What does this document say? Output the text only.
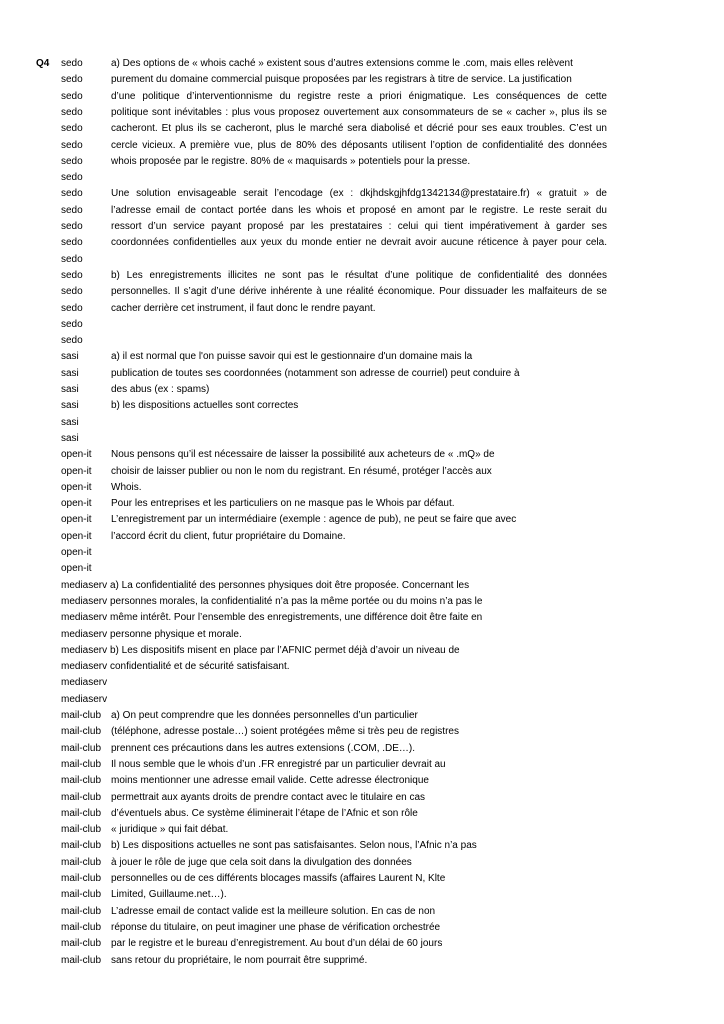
Q4 sedo	a) Des options de « whois caché » existent sous d’autres extensions comme le .com, mais elles relèvent
sedo	purement du domaine commercial puisque proposées par les registrars à titre de service. La justification
sedo	d’une politique d’interventionnisme du registre reste a priori énigmatique. Les conséquences de cette
sedo	politique sont inévitables : plus vous proposez ouvertement aux consommateurs de se « cacher », plus ils se
sedo	cacheront. Et plus ils se cacheront, plus le marché sera diabolisé et décrié pour ses eaux troubles. C’est un
sedo	cercle vicieux. A première vue, plus de 80% des déposants utilisent l’option de confidentialité des données
sedo	whois proposée par le registre. 80% de « maquisards » potentiels pour la presse.
sedo
sedo	Une solution envisageable serait l’encodage (ex : dkjhdskgjhfdg1342134@prestataire.fr) « gratuit » de
sedo	l’adresse email de contact portée dans les whois et proposé en amont par le registre. Le reste serait du
sedo	ressort d’un service payant proposé par les prestataires : celui qui tient impérativement à garder ses
sedo	coordonnées confidentielles aux yeux du monde entier ne devrait avoir aucune réticence à payer pour cela.
sedo
sedo	b) Les enregistrements illicites ne sont pas le résultat d’une politique de confidentialité des données
sedo	personnelles. Il s’agit d’une dérive inhérente à une réalité économique. Pour dissuader les malfaiteurs de se
sedo	cacher derrière cet instrument, il faut donc le rendre payant.
sedo
sedo
sasi	a) il est normal que l'on puisse savoir qui est le gestionnaire d'un domaine mais la
sasi	publication de toutes ses coordonnées (notamment son adresse de courriel) peut conduire à
sasi	des abus (ex : spams)
sasi	b) les dispositions actuelles sont correctes
sasi
sasi
open-it Nous pensons qu’il est nécessaire de laisser la possibilité aux acheteurs de « .mQ» de
open-it choisir de laisser publier ou non le nom du registrant. En résumé, protéger l’accès aux
open-it Whois.
open-it Pour les entreprises et les particuliers on ne masque pas le Whois par défaut.
open-it L’enregistrement par un intermédiaire (exemple : agence de pub), ne peut se faire que avec
open-it l’accord écrit du client, futur propriétaire du Domaine.
open-it
open-it
mediaserv a) La confidentialité des personnes physiques doit être proposée. Concernant les
mediaserv personnes morales, la confidentialité n’a pas la même portée ou du moins n’a pas le
mediaserv même intérêt. Pour l’ensemble des enregistrements, une différence doit être faite en
mediaserv personne physique et morale.
mediaserv b) Les dispositifs misent en place par l’AFNIC permet déjà d’avoir un niveau de
mediaserv confidentialité et de sécurité satisfaisant.
mediaserv
mediaserv
mail-club a) On peut comprendre que les données personnelles d’un particulier
mail-club (téléphone, adresse postale…) soient protégées même si très peu de registres
mail-club prennent ces précautions dans les autres extensions (.COM, .DE…).
mail-club Il nous semble que le whois d’un .FR enregistré par un particulier devrait au
mail-club moins mentionner une adresse email valide. Cette adresse électronique
mail-club permettrait aux ayants droits de prendre contact avec le titulaire en cas
mail-club d’éventuels abus. Ce système éliminerait l’étape de l’Afnic et son rôle
mail-club « juridique » qui fait débat.
mail-club b) Les dispositions actuelles ne sont pas satisfaisantes. Selon nous, l’Afnic n’a pas
mail-club à jouer le rôle de juge que cela soit dans la divulgation des données
mail-club personnelles ou de ces différents blocages massifs (affaires Laurent N, Klte
mail-club Limited, Guillaume.net…).
mail-club L’adresse email de contact valide est la meilleure solution. En cas de non
mail-club réponse du titulaire, on peut imaginer une phase de vérification orchestrée
mail-club par le registre et le bureau d’enregistrement. Au bout d’un délai de 60 jours
mail-club sans retour du propriétaire, le nom pourrait être supprimé.
